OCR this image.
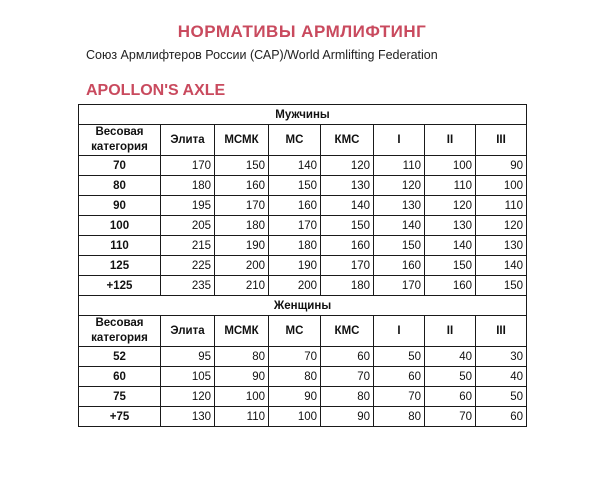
НОРМАТИВЫ АРМЛИФТИНГ
Союз Армлифтеров России (САР)/World Armlifting Federation
APOLLON'S AXLE
Мужчины							

Весовая
категория	Элита	МСМК	МС	КМС	I	II	III
70	170	150	140	120	110	100	90
80	180	160	150	130	120	110	100
90	195	170	160	140	130	120	110
100	205	180	170	150	140	130	120
110	215	190	180	160	150	140	130
125	225	200	190	170	160	150	140
+125	235	210	200	180	170	160	150
Женщины							

Весовая
категория	Элита	МСМК	МС	КМС	I	II	III
52	95	80	70	60	50	40	30
60	105	90	80	70	60	50	40
75	120	100	90	80	70	60	50
+75	130	110	100	90	80	70	60
